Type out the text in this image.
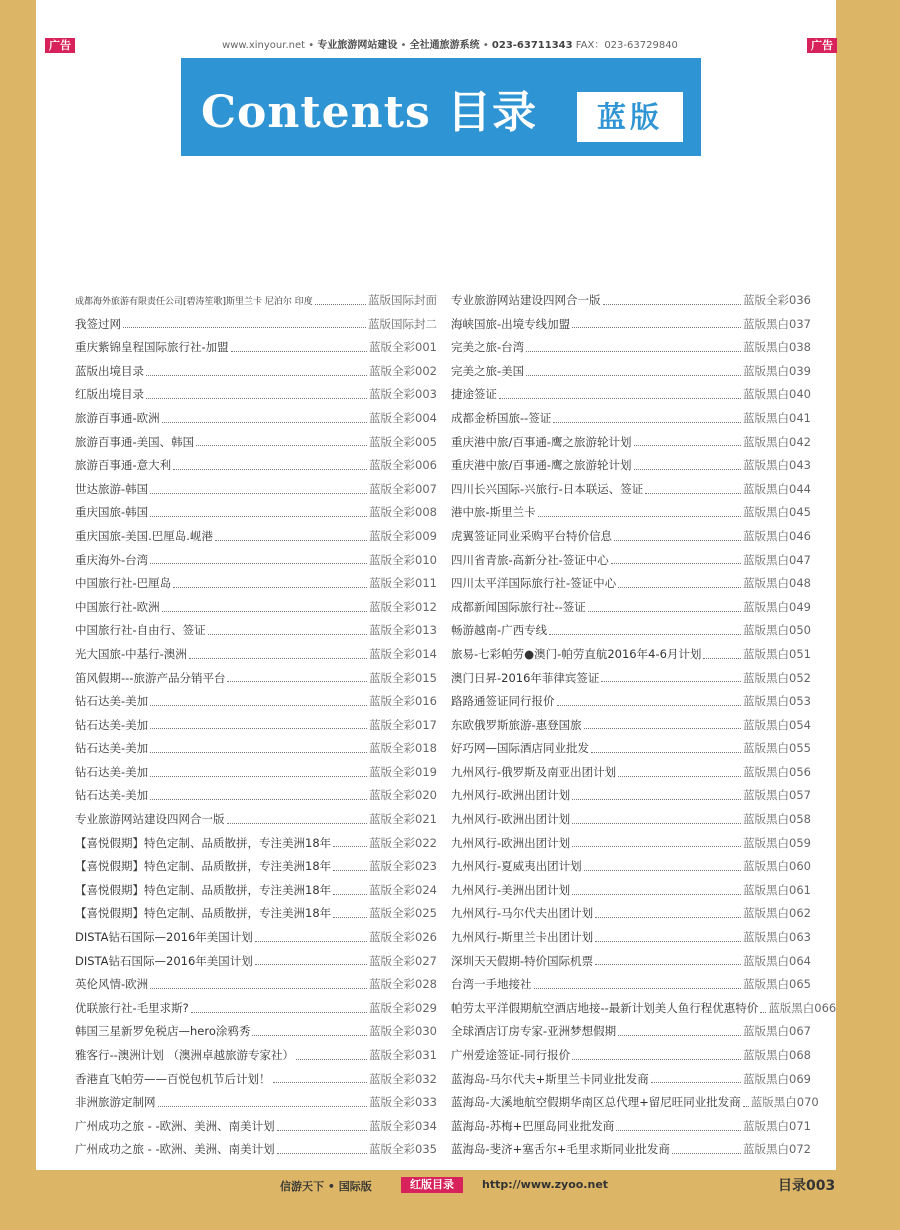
广告	www.xinyour.net • 专业旅游网站建设 • 全社通旅游系统 • 023-63711343 FAX：023-63729840	广告
Contents 目录	蓝版
成都海外旅游有限责任公司[碧涛笙歌]斯里兰卡 尼泊尔 印度	蓝版国际封面
我签过网	蓝版国际封二
重庆紫锦皇程国际旅行社-加盟	蓝版全彩001
蓝版出境目录	蓝版全彩002
红版出境目录	蓝版全彩003
旅游百事通-欧洲	蓝版全彩004
旅游百事通-美国、韩国	蓝版全彩005
旅游百事通-意大利	蓝版全彩006
世达旅游-韩国	蓝版全彩007
重庆国旅-韩国	蓝版全彩008
重庆国旅-美国.巴厘岛.岘港	蓝版全彩009
重庆海外-台湾	蓝版全彩010
中国旅行社-巴厘岛	蓝版全彩011
中国旅行社-欧洲	蓝版全彩012
中国旅行社-自由行、签证	蓝版全彩013
光大国旅-中基行-澳洲	蓝版全彩014
笛风假期---旅游产品分销平台	蓝版全彩015
钻石达美-美加	蓝版全彩016
钻石达美-美加	蓝版全彩017
钻石达美-美加	蓝版全彩018
钻石达美-美加	蓝版全彩019
钻石达美-美加	蓝版全彩020
专业旅游网站建设四网合一版	蓝版全彩021
【喜悦假期】特色定制、品质散拼，专注美洲18年	蓝版全彩022
【喜悦假期】特色定制、品质散拼，专注美洲18年	蓝版全彩023
【喜悦假期】特色定制、品质散拼，专注美洲18年	蓝版全彩024
【喜悦假期】特色定制、品质散拼，专注美洲18年	蓝版全彩025
DISTA钻石国际—2016年美国计划	蓝版全彩026
DISTA钻石国际—2016年美国计划	蓝版全彩027
英伦风情-欧洲	蓝版全彩028
优联旅行社-毛里求斯?	蓝版全彩029
韩国三星新罗免税店—hero涂鸦秀	蓝版全彩030
雅客行--澳洲计划 （澳洲卓越旅游专家社）	蓝版全彩031
香港直飞帕劳——百悦包机节后计划！	蓝版全彩032
非洲旅游定制网	蓝版全彩033
广州成功之旅 - -欧洲、美洲、南美计划	蓝版全彩034
广州成功之旅 - -欧洲、美洲、南美计划	蓝版全彩035
专业旅游网站建设四网合一版	蓝版全彩036
海峡国旅-出境专线加盟	蓝版黑白037
完美之旅-台湾	蓝版黑白038
完美之旅-美国	蓝版黑白039
捷途签证	蓝版黑白040
成都金桥国旅--签证	蓝版黑白041
重庆港中旅/百事通-鹰之旅游轮计划	蓝版黑白042
重庆港中旅/百事通-鹰之旅游轮计划	蓝版黑白043
四川长兴国际-兴旅行-日本联运、签证	蓝版黑白044
港中旅-斯里兰卡	蓝版黑白045
虎翼签证同业采购平台特价信息	蓝版黑白046
四川省青旅-高新分社-签证中心	蓝版黑白047
四川太平洋国际旅行社-签证中心	蓝版黑白048
成都新闻国际旅行社--签证	蓝版黑白049
畅游越南-广西专线	蓝版黑白050
旅易-七彩帕劳●澳门-帕劳直航2016年4-6月计划	蓝版黑白051
澳门日昇-2016年菲律宾签证	蓝版黑白052
路路通签证同行报价	蓝版黑白053
东欧俄罗斯旅游-惠登国旅	蓝版黑白054
好巧网—国际酒店同业批发	蓝版黑白055
九州风行-俄罗斯及南亚出团计划	蓝版黑白056
九州风行-欧洲出团计划	蓝版黑白057
九州风行-欧洲出团计划	蓝版黑白058
九州风行-欧洲出团计划	蓝版黑白059
九州风行-夏威夷出团计划	蓝版黑白060
九州风行-美洲出团计划	蓝版黑白061
九州风行-马尔代夫出团计划	蓝版黑白062
九州风行-斯里兰卡出团计划	蓝版黑白063
深圳天天假期-特价国际机票	蓝版黑白064
台湾一手地接社	蓝版黑白065
帕劳太平洋假期航空酒店地接--最新计划美人鱼行程优惠特价 蓝版黑白066
全球酒店订房专家-亚洲梦想假期	蓝版黑白067
广州爱途签证-同行报价	蓝版黑白068
蓝海岛-马尔代夫+斯里兰卡同业批发商	蓝版黑白069
蓝海岛-大溪地航空假期华南区总代理+留尼旺同业批发商 蓝版黑白070
蓝海岛-苏梅+巴厘岛同业批发商	蓝版黑白071
蓝海岛-斐济+塞舌尔+毛里求斯同业批发商	蓝版黑白072
信游天下 • 国际版	红版目录	http://www.zyoo.net	目录003
